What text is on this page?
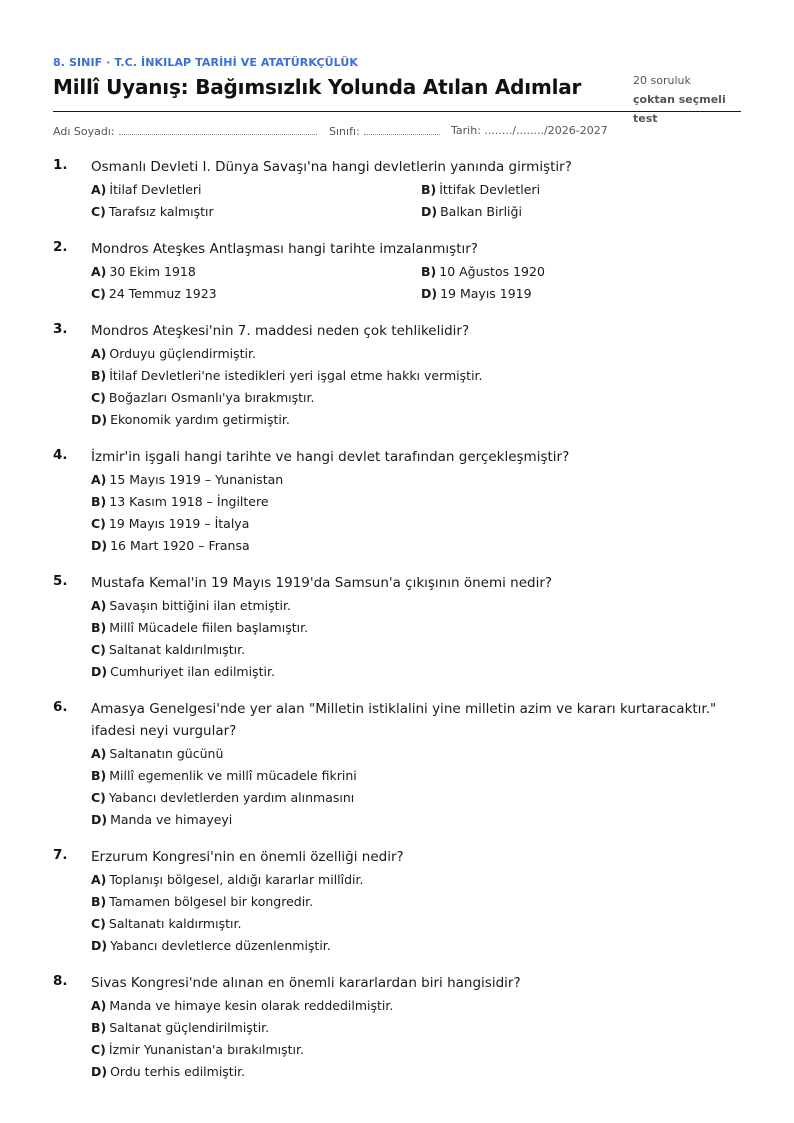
8. SINIF · T.C. İNKILAP TARİHİ VE ATATÜRKÇÜLÜK
Millî Uyanış: Bağımsızlık Yolunda Atılan Adımlar	20 soruluk
çoktan seçmeli test
Adı Soyadı:	Sınıfı:	Tarih: ......../......../2026-2027
1. Osmanlı Devleti I. Dünya Savaşı'na hangi devletlerin yanında girmiştir?
A) İtilaf Devletleri	B) İttifak Devletleri
C) Tarafsız kalmıştır	D) Balkan Birliği
2. Mondros Ateşkes Antlaşması hangi tarihte imzalanmıştır?
A) 30 Ekim 1918	B) 10 Ağustos 1920
C) 24 Temmuz 1923	D) 19 Mayıs 1919
3. Mondros Ateşkesi'nin 7. maddesi neden çok tehlikelidir?
A) Orduyu güçlendirmiştir.
B) İtilaf Devletleri'ne istedikleri yeri işgal etme hakkı vermiştir.
C) Boğazları Osmanlı'ya bırakmıştır.
D) Ekonomik yardım getirmiştir.
4. İzmir'in işgali hangi tarihte ve hangi devlet tarafından gerçekleşmiştir?
A) 15 Mayıs 1919 – Yunanistan
B) 13 Kasım 1918 – İngiltere
C) 19 Mayıs 1919 – İtalya
D) 16 Mart 1920 – Fransa
5. Mustafa Kemal'in 19 Mayıs 1919'da Samsun'a çıkışının önemi nedir?
A) Savaşın bittiğini ilan etmiştir.
B) Millî Mücadele fiilen başlamıştır.
C) Saltanat kaldırılmıştır.
D) Cumhuriyet ilan edilmiştir.
6. Amasya Genelgesi'nde yer alan "Milletin istiklalini yine milletin azim ve kararı kurtaracaktır." ifadesi neyi vurgular?
A) Saltanatın gücünü
B) Millî egemenlik ve millî mücadele fikrini
C) Yabancı devletlerden yardım alınmasını
D) Manda ve himayeyi
7. Erzurum Kongresi'nin en önemli özelliği nedir?
A) Toplanışı bölgesel, aldığı kararlar millîdir.
B) Tamamen bölgesel bir kongredir.
C) Saltanatı kaldırmıştır.
D) Yabancı devletlerce düzenlenmiştir.
8. Sivas Kongresi'nde alınan en önemli kararlardan biri hangisidir?
A) Manda ve himaye kesin olarak reddedilmiştir.
B) Saltanat güçlendirilmiştir.
C) İzmir Yunanistan'a bırakılmıştır.
D) Ordu terhis edilmiştir.
